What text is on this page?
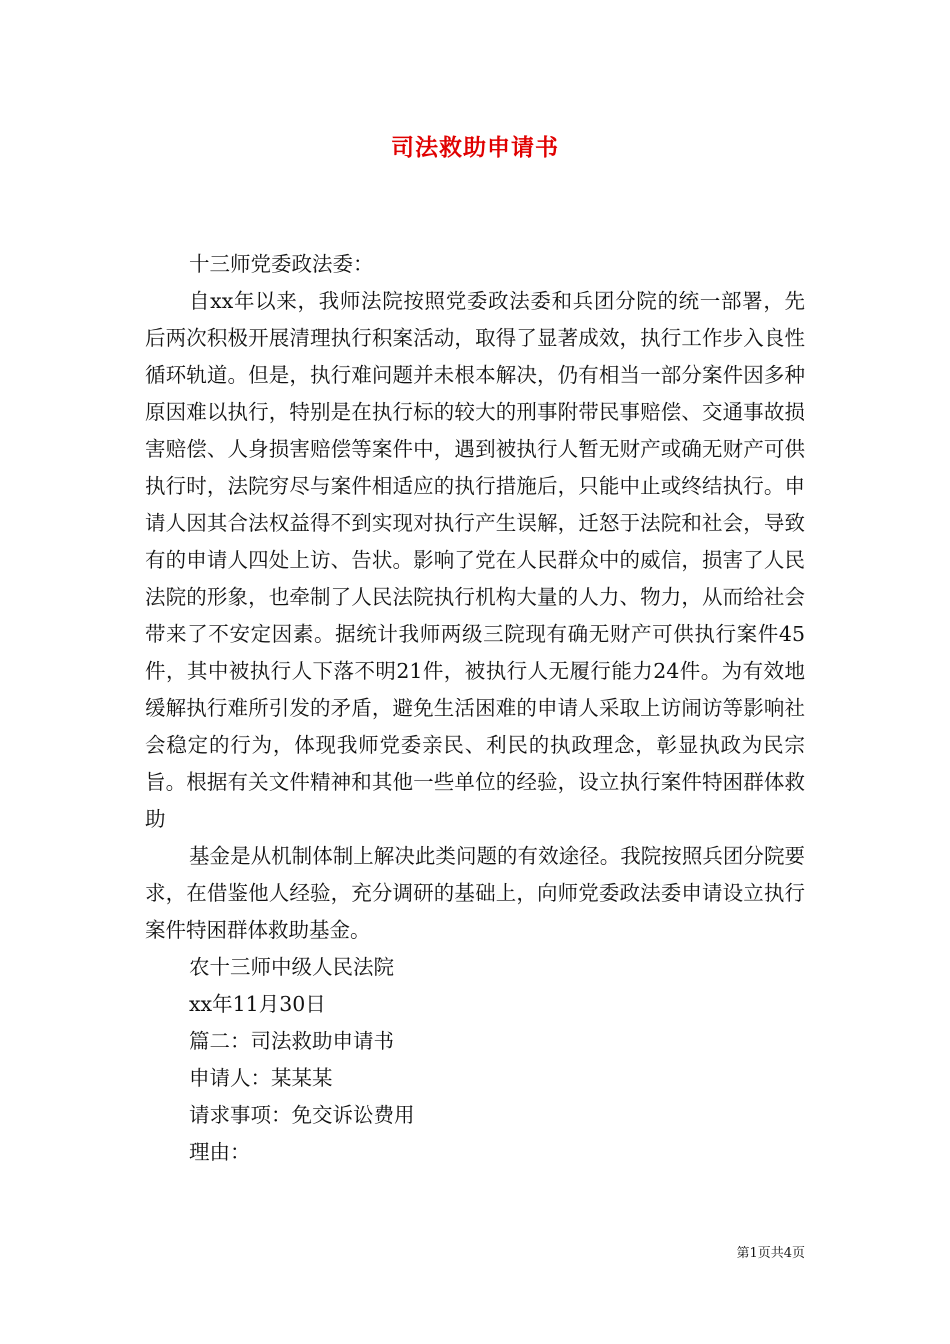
司法救助申请书

十三师党委政法委：

自xx年以来，我师法院按照党委政法委和兵团分院的统一部署，先后两次积极开展清理执行积案活动，取得了显著成效，执行工作步入良性循环轨道。但是，执行难问题并未根本解决，仍有相当一部分案件因多种原因难以执行，特别是在执行标的较大的刑事附带民事赔偿、交通事故损害赔偿、人身损害赔偿等案件中，遇到被执行人暂无财产或确无财产可供执行时，法院穷尽与案件相适应的执行措施后，只能中止或终结执行。申请人因其合法权益得不到实现对执行产生误解，迁怒于法院和社会，导致有的申请人四处上访、告状。影响了党在人民群众中的威信，损害了人民法院的形象，也牵制了人民法院执行机构大量的人力、物力，从而给社会带来了不安定因素。据统计我师两级三院现有确无财产可供执行案件45件，其中被执行人下落不明21件，被执行人无履行能力24件。为有效地缓解执行难所引发的矛盾，避免生活困难的申请人采取上访闹访等影响社会稳定的行为，体现我师党委亲民、利民的执政理念，彰显执政为民宗旨。根据有关文件精神和其他一些单位的经验，设立执行案件特困群体救助

基金是从机制体制上解决此类问题的有效途径。我院按照兵团分院要求，在借鉴他人经验，充分调研的基础上，向师党委政法委申请设立执行案件特困群体救助基金。

农十三师中级人民法院

xx年11月30日

篇二：司法救助申请书

申请人：某某某

请求事项：免交诉讼费用

理由：

第1页共4页
